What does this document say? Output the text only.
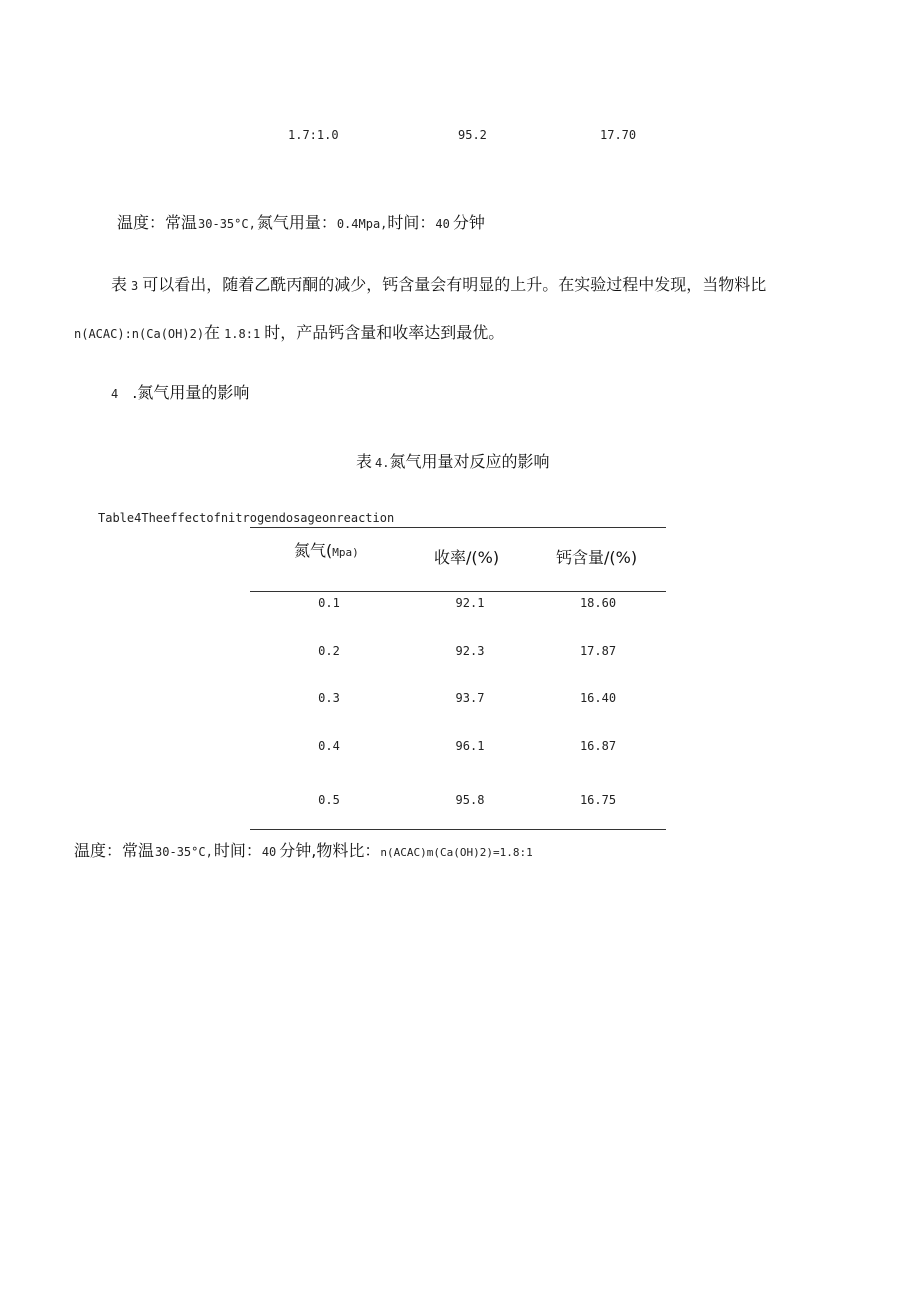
1.7:1.0	95.2	17.70
温度：常温30-35°C,氮气用量：0.4Mpa,时间：40 分钟
表 3 可以看出，随着乙酰丙酮的减少，钙含量会有明显的上升。在实验过程中发现，当物料比
n(ACAC):n(Ca(OH)2)在 1.8:1 时，产品钙含量和收率达到最优。
4 .氮气用量的影响
表 4.氮气用量对反应的影响
Table4Theeffectofnitrogendosageonreaction
氮气(Mpa)	收率/(%)	钙含量/(%)
0.1	92.1	18.60
0.2	92.3	17.87
0.3	93.7	16.40
0.4	96.1	16.87
0.5	95.8	16.75
温度：常温30-35°C,时间：40 分钟,物料比：n(ACAC)m(Ca(OH)2)=1.8:1
